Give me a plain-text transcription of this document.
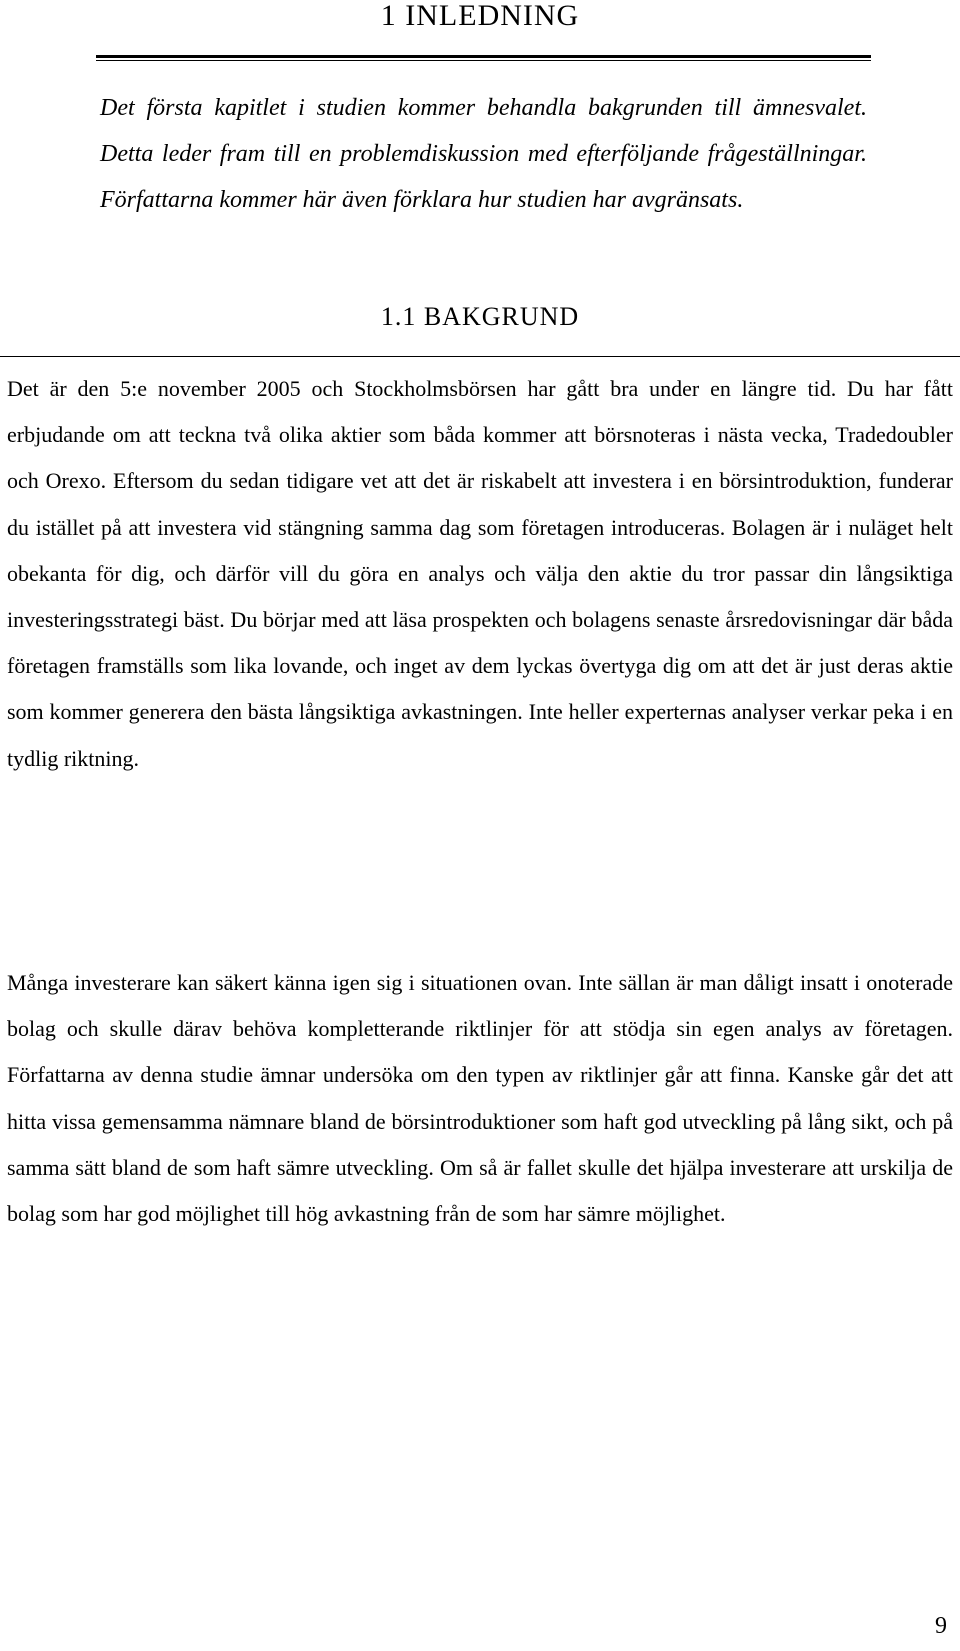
1 INLEDNING

Det första kapitlet i studien kommer behandla bakgrunden till ämnesvalet. Detta leder fram till en problemdiskussion med efterföljande frågeställningar. Författarna kommer här även förklara hur studien har avgränsats.

1.1 BAKGRUND

Det är den 5:e november 2005 och Stockholmsbörsen har gått bra under en längre tid. Du har fått erbjudande om att teckna två olika aktier som båda kommer att börsnoteras i nästa vecka, Tradedoubler och Orexo. Eftersom du sedan tidigare vet att det är riskabelt att investera i en börsintroduktion, funderar du istället på att investera vid stängning samma dag som företagen introduceras. Bolagen är i nuläget helt obekanta för dig, och därför vill du göra en analys och välja den aktie du tror passar din långsiktiga investeringsstrategi bäst. Du börjar med att läsa prospekten och bolagens senaste årsredovisningar där båda företagen framställs som lika lovande, och inget av dem lyckas övertyga dig om att det är just deras aktie som kommer generera den bästa långsiktiga avkastningen. Inte heller experternas analyser verkar peka i en tydlig riktning.

Många investerare kan säkert känna igen sig i situationen ovan. Inte sällan är man dåligt insatt i onoterade bolag och skulle därav behöva kompletterande riktlinjer för att stödja sin egen analys av företagen. Författarna av denna studie ämnar undersöka om den typen av riktlinjer går att finna. Kanske går det att hitta vissa gemensamma nämnare bland de börsintroduktioner som haft god utveckling på lång sikt, och på samma sätt bland de som haft sämre utveckling. Om så är fallet skulle det hjälpa investerare att urskilja de bolag som har god möjlighet till hög avkastning från de som har sämre möjlighet.

9
